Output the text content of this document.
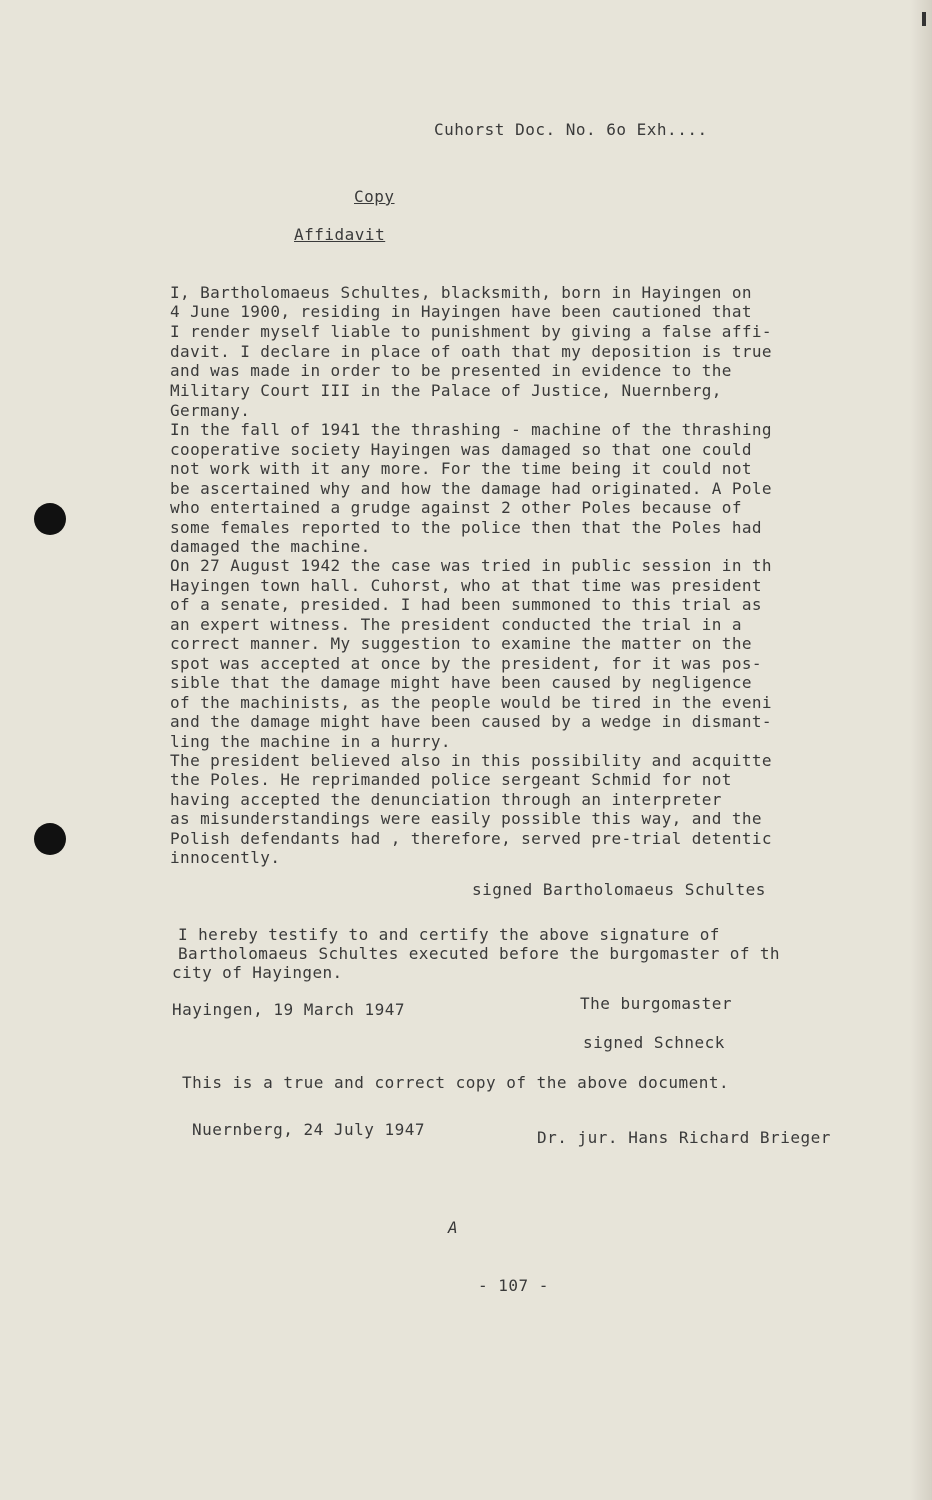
Cuhorst Doc. No. 6o Exh....
Copy
Affidavit
I, Bartholomaeus Schultes, blacksmith, born in Hayingen on
4 June 1900, residing in Hayingen have been cautioned that
I render myself liable to punishment by giving a false affi-
davit. I declare in place of oath that my deposition is true
and was made in order to be presented in evidence to the
Military Court III in the Palace of Justice, Nuernberg,
Germany.
In the fall of 1941 the thrashing - machine of the thrashing
cooperative society Hayingen was damaged so that one could
not work with it any more. For the time being it could not
be ascertained why and how the damage had originated. A Pole
who entertained a grudge against 2 other Poles because of
some females reported to the police then that the Poles had
damaged the machine.
On 27 August 1942 the case was tried in public session in th
Hayingen town hall. Cuhorst, who at that time was president
of a senate, presided. I had been summoned to this trial as
an expert witness. The president conducted the trial in a
correct manner. My suggestion to examine the matter on the
spot was accepted at once by the president, for it was pos-
sible that the damage might have been caused by negligence
of the machinists, as the people would be tired in the eveni
and the damage might have been caused by a wedge in dismant-
ling the machine in a hurry.
The president believed also in this possibility and acquitte
the Poles. He reprimanded police sergeant Schmid for not
having accepted the denunciation through an interpreter
as misunderstandings were easily possible this way, and the
Polish defendants had , therefore, served pre-trial detentic
innocently.
signed Bartholomaeus Schultes
I hereby testify to and certify the above signature of
Bartholomaeus Schultes executed before the burgomaster of th
city of Hayingen.
Hayingen, 19 March 1947	The burgomaster
signed Schneck
This is a true and correct copy of the above document.
Nuernberg, 24 July 1947	Dr. jur. Hans Richard Brieger
A
- 107 -
